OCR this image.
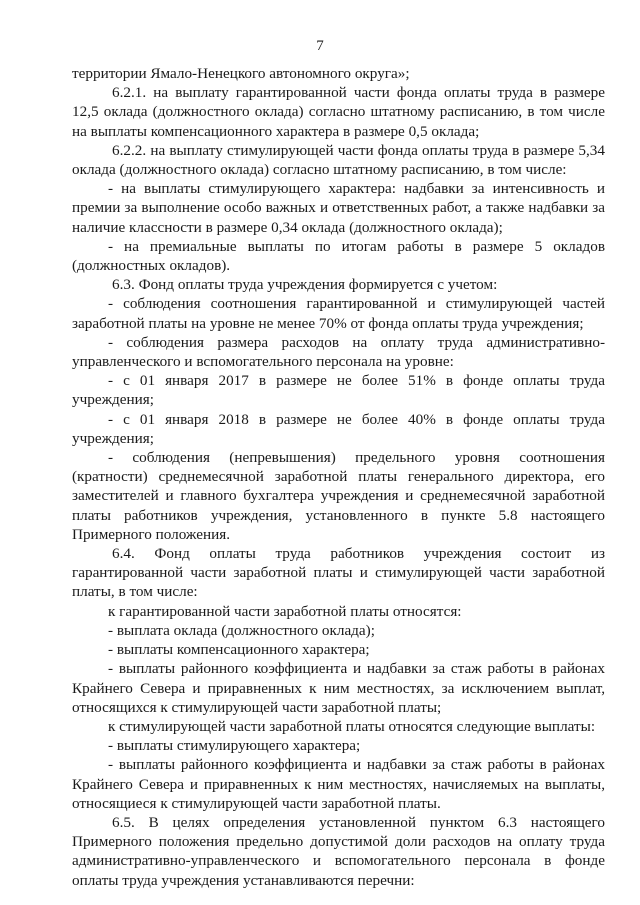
7

территории Ямало-Ненецкого автономного округа»;

6.2.1. на выплату гарантированной части фонда оплаты труда в размере 12,5 оклада (должностного оклада) согласно штатному расписанию, в том числе на выплаты компенсационного характера в размере 0,5 оклада;

6.2.2. на выплату стимулирующей части фонда оплаты труда в размере 5,34 оклада (должностного оклада) согласно штатному расписанию, в том числе:

- на выплаты стимулирующего характера: надбавки за интенсивность и премии за выполнение особо важных и ответственных работ, а также надбавки за наличие классности в размере 0,34 оклада (должностного оклада);

- на премиальные выплаты по итогам работы в размере 5 окладов (должностных окладов).

6.3. Фонд оплаты труда учреждения формируется с учетом:

- соблюдения соотношения гарантированной и стимулирующей частей заработной платы на уровне не менее 70% от фонда оплаты труда учреждения;

- соблюдения размера расходов на оплату труда административно-управленческого и вспомогательного персонала на уровне:

- с 01 января 2017 в размере не более 51% в фонде оплаты труда учреждения;

- с 01 января 2018 в размере не более 40% в фонде оплаты труда учреждения;

- соблюдения (непревышения) предельного уровня соотношения (кратности) среднемесячной заработной платы генерального директора, его заместителей и главного бухгалтера учреждения и среднемесячной заработной платы работников учреждения, установленного в пункте 5.8 настоящего Примерного положения.

6.4. Фонд оплаты труда работников учреждения состоит из гарантированной части заработной платы и стимулирующей части заработной платы, в том числе:

к гарантированной части заработной платы относятся:

- выплата оклада (должностного оклада);

- выплаты компенсационного характера;

- выплаты районного коэффициента и надбавки за стаж работы в районах Крайнего Севера и приравненных к ним местностях, за исключением выплат, относящихся к стимулирующей части заработной платы;

к стимулирующей части заработной платы относятся следующие выплаты:

- выплаты стимулирующего характера;

- выплаты районного коэффициента и надбавки за стаж работы в районах Крайнего Севера и приравненных к ним местностях, начисляемых на выплаты, относящиеся к стимулирующей части заработной платы.

6.5. В целях определения установленной пунктом 6.3 настоящего Примерного положения предельно допустимой доли расходов на оплату труда административно-управленческого и вспомогательного персонала в фонде оплаты труда учреждения устанавливаются перечни:
